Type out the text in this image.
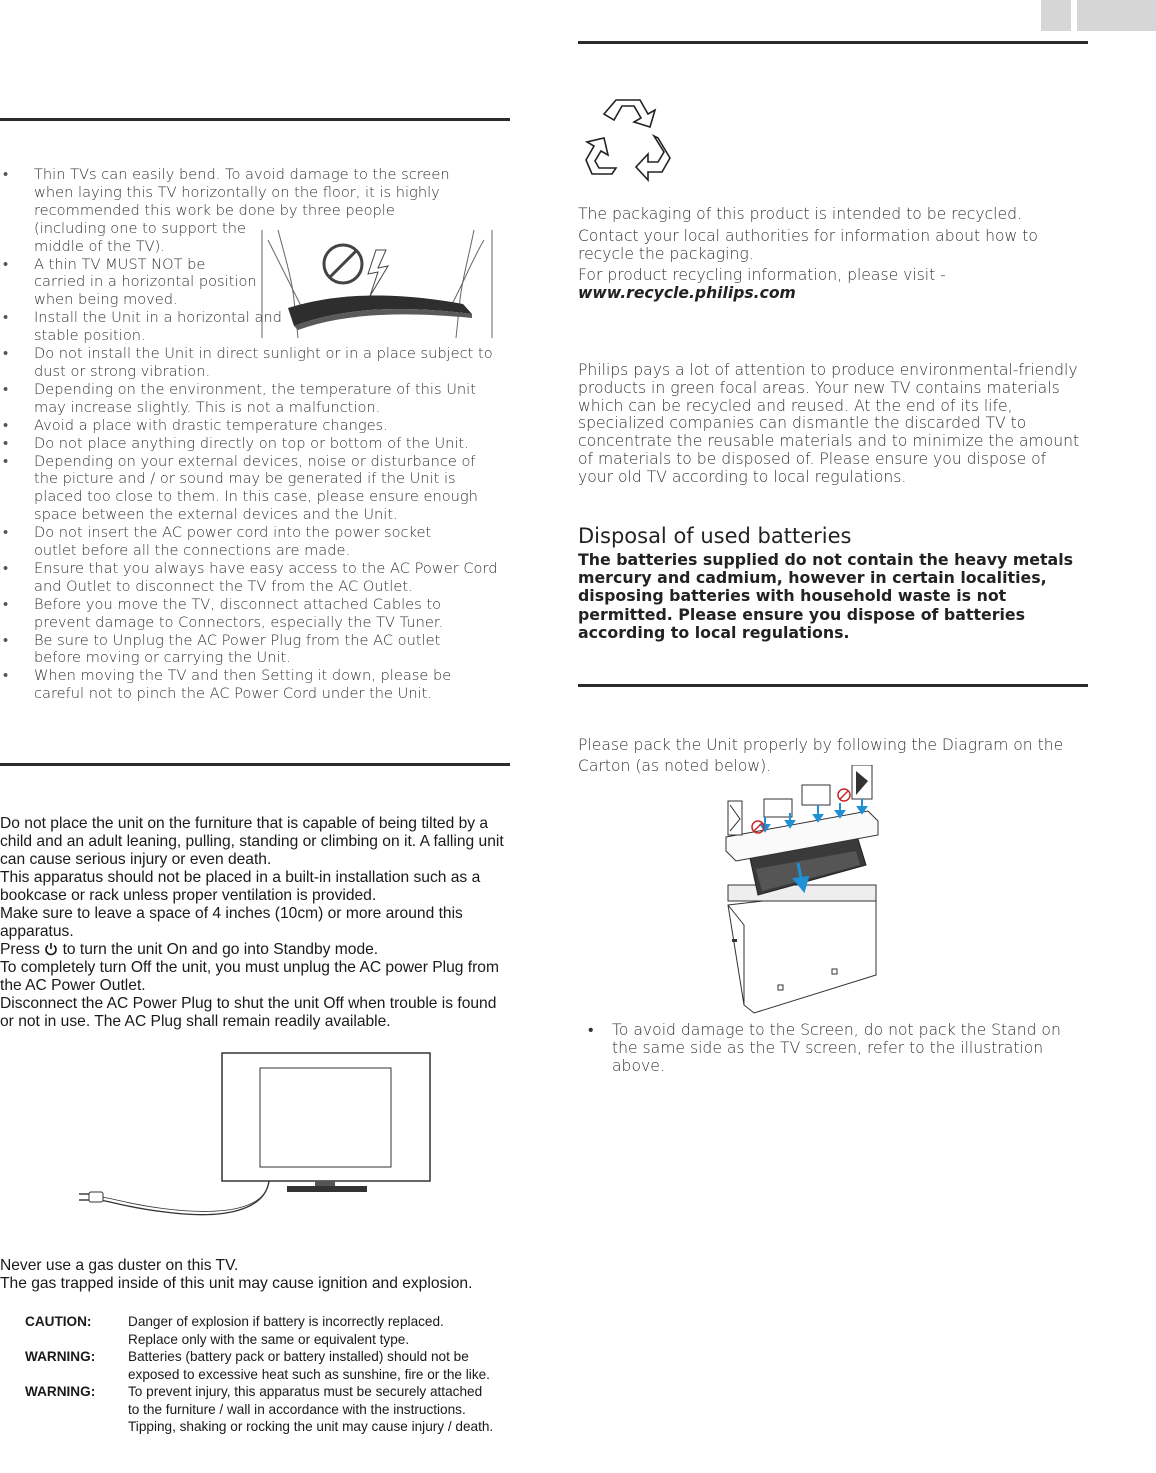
• Thin TVs can easily bend. To avoid damage to the screen when laying this TV horizontally on the floor, it is highly recommended this work be done by three people
(including one to support the middle of the TV).
• A thin TV MUST NOT be carried in a horizontal position when being moved.
• Install the Unit in a horizontal and stable position.
• Do not install the Unit in direct sunlight or in a place subject to dust or strong vibration.
• Depending on the environment, the temperature of this Unit may increase slightly. This is not a malfunction.
• Avoid a place with drastic temperature changes.
• Do not place anything directly on top or bottom of the Unit.
• Depending on your external devices, noise or disturbance of the picture and / or sound may be generated if the Unit is placed too close to them. In this case, please ensure enough space between the external devices and the Unit.
• Do not insert the AC power cord into the power socket outlet before all the connections are made.
• Ensure that you always have easy access to the AC Power Cord and Outlet to disconnect the TV from the AC Outlet.
• Before you move the TV, disconnect attached Cables to prevent damage to Connectors, especially the TV Tuner.
• Be sure to Unplug the AC Power Plug from the AC outlet before moving or carrying the Unit.
• When moving the TV and then Setting it down, please be careful not to pinch the AC Power Cord under the Unit.

Do not place the unit on the furniture that is capable of being tilted by a child and an adult leaning, pulling, standing or climbing on it. A falling unit can cause serious injury or even death.

This apparatus should not be placed in a built-in installation such as a bookcase or rack unless proper ventilation is provided.

Make sure to leave a space of 4 inches (10cm) or more around this apparatus.

Press to turn the unit On and go into Standby mode.

To completely turn Off the unit, you must unplug the AC power Plug from the AC Power Outlet.

Disconnect the AC Power Plug to shut the unit Off when trouble is found or not in use. The AC Plug shall remain readily available.

Never use a gas duster on this TV.

The gas trapped inside of this unit may cause ignition and explosion.

CAUTION:	Danger of explosion if battery is incorrectly replaced. Replace only with the same or equivalent type.
WARNING:	Batteries (battery pack or battery installed) should not be exposed to excessive heat such as sunshine, fire or the like.
WARNING:	To prevent injury, this apparatus must be securely attached to the furniture / wall in accordance with the instructions. Tipping, shaking or rocking the unit may cause injury / death.

The packaging of this product is intended to be recycled.

Contact your local authorities for information about how to recycle the packaging.

For product recycling information, please visit -

www.recycle.philips.com

Philips pays a lot of attention to produce environmental-friendly products in green focal areas. Your new TV contains materials which can be recycled and reused. At the end of its life, specialized companies can dismantle the discarded TV to concentrate the reusable materials and to minimize the amount of materials to be disposed of. Please ensure you dispose of your old TV according to local regulations.

Disposal of used batteries
The batteries supplied do not contain the heavy metals mercury and cadmium, however in certain localities, disposing batteries with household waste is not permitted. Please ensure you dispose of batteries according to local regulations.

Please pack the Unit properly by following the Diagram on the Carton (as noted below).

• To avoid damage to the Screen, do not pack the Stand on the same side as the TV screen, refer to the illustration above.
